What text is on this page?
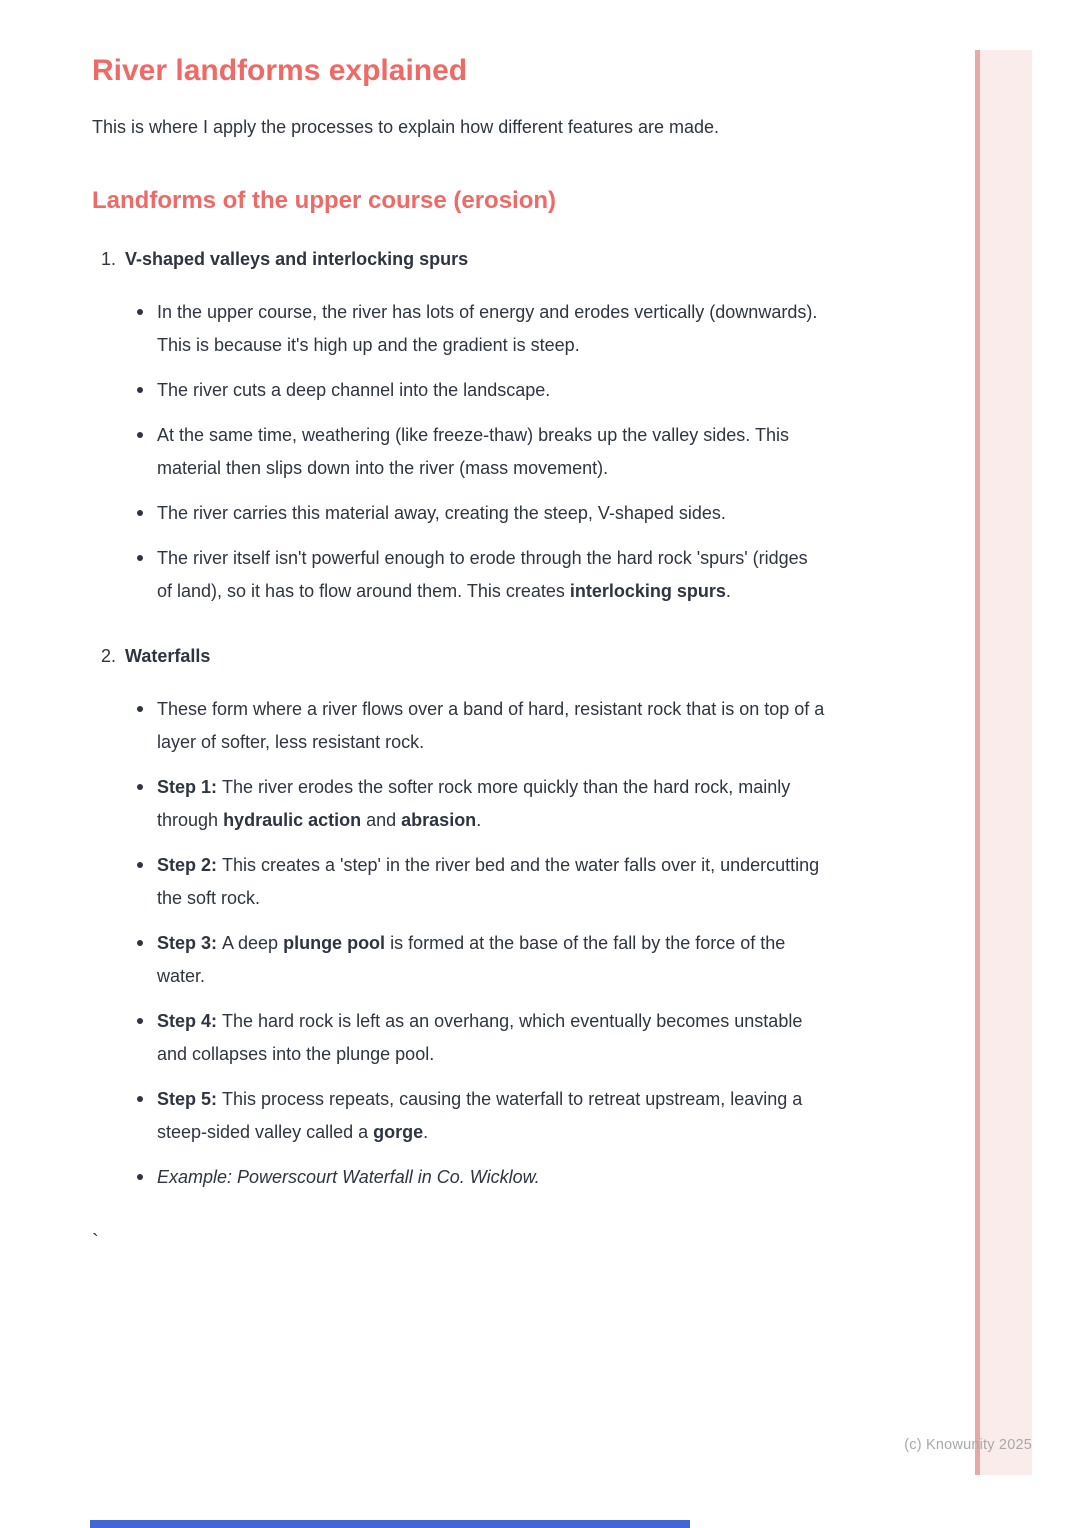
River landforms explained

This is where I apply the processes to explain how different features are made.

Landforms of the upper course (erosion)
1. V-shaped valleys and interlocking spurs
In the upper course, the river has lots of energy and erodes vertically (downwards). This is because it's high up and the gradient is steep.
The river cuts a deep channel into the landscape.
At the same time, weathering (like freeze-thaw) breaks up the valley sides. This material then slips down into the river (mass movement).
The river carries this material away, creating the steep, V-shaped sides.
The river itself isn't powerful enough to erode through the hard rock 'spurs' (ridges of land), so it has to flow around them. This creates interlocking spurs.
2. Waterfalls
These form where a river flows over a band of hard, resistant rock that is on top of a layer of softer, less resistant rock.
Step 1: The river erodes the softer rock more quickly than the hard rock, mainly through hydraulic action and abrasion.
Step 2: This creates a 'step' in the river bed and the water falls over it, undercutting the soft rock.
Step 3: A deep plunge pool is formed at the base of the fall by the force of the water.
Step 4: The hard rock is left as an overhang, which eventually becomes unstable and collapses into the plunge pool.
Step 5: This process repeats, causing the waterfall to retreat upstream, leaving a steep-sided valley called a gorge.
Example: Powerscourt Waterfall in Co. Wicklow.
`
(c) Knowunity 2025
